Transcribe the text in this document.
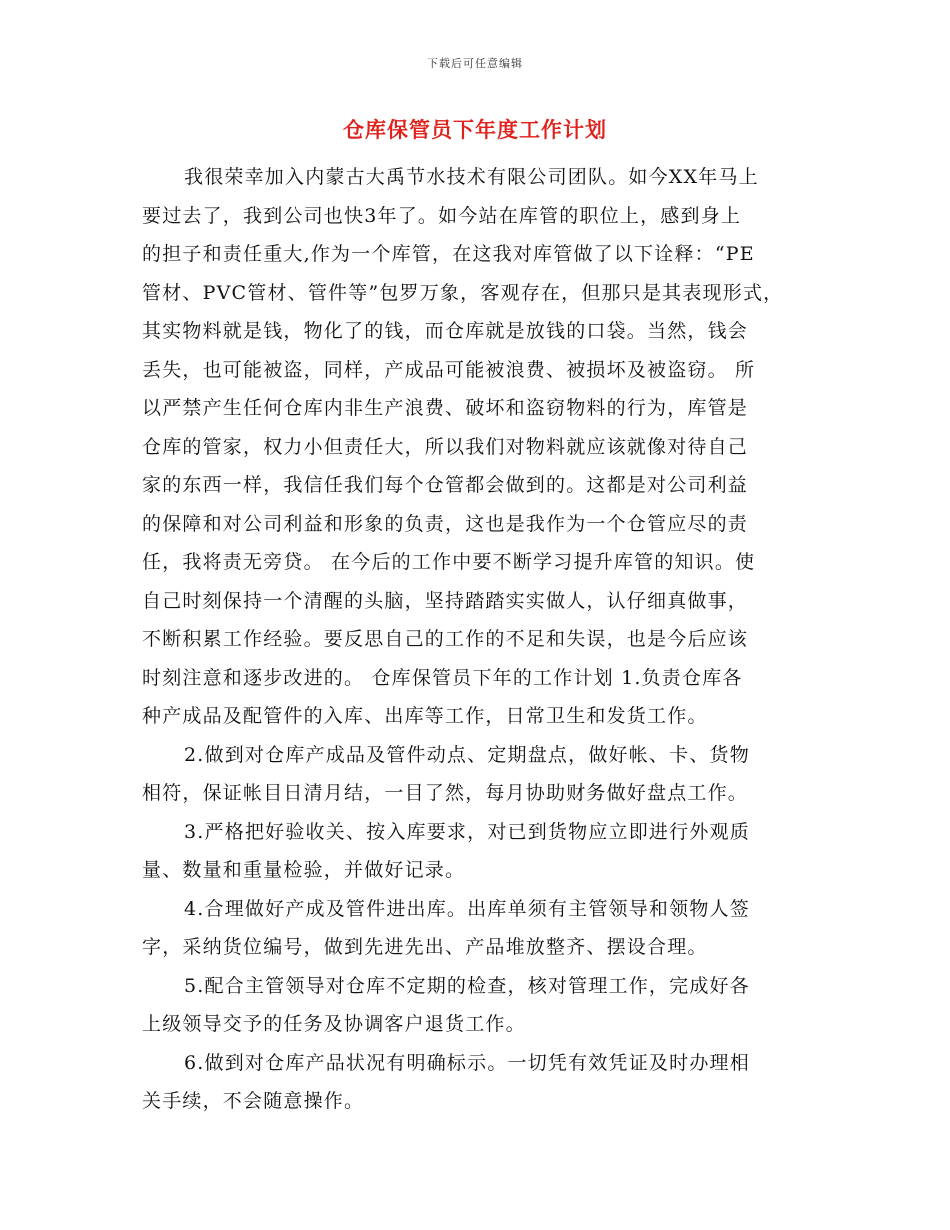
下载后可任意编辑
仓库保管员下年度工作计划
我很荣幸加入内蒙古大禹节水技术有限公司团队。如今XX年马上
要过去了，我到公司也快3年了。如今站在库管的职位上，感到身上
的担子和责任重大,作为一个库管，在这我对库管做了以下诠释：“PE
管材、PVC管材、管件等”包罗万象，客观存在，但那只是其表现形式，
其实物料就是钱，物化了的钱，而仓库就是放钱的口袋。当然，钱会
丢失，也可能被盗，同样，产成品可能被浪费、被损坏及被盗窃。 所
以严禁产生任何仓库内非生产浪费、破坏和盗窃物料的行为，库管是
仓库的管家，权力小但责任大，所以我们对物料就应该就像对待自己
家的东西一样，我信任我们每个仓管都会做到的。这都是对公司利益
的保障和对公司利益和形象的负责，这也是我作为一个仓管应尽的责
任，我将责无旁贷。 在今后的工作中要不断学习提升库管的知识。使
自己时刻保持一个清醒的头脑，坚持踏踏实实做人，认仔细真做事，
不断积累工作经验。要反思自己的工作的不足和失误，也是今后应该
时刻注意和逐步改进的。 仓库保管员下年的工作计划 1.负责仓库各
种产成品及配管件的入库、出库等工作，日常卫生和发货工作。
2.做到对仓库产成品及管件动点、定期盘点，做好帐、卡、货物
相符，保证帐目日清月结，一目了然，每月协助财务做好盘点工作。
3.严格把好验收关、按入库要求，对已到货物应立即进行外观质
量、数量和重量检验，并做好记录。
4.合理做好产成及管件进出库。出库单须有主管领导和领物人签
字，采纳货位编号，做到先进先出、产品堆放整齐、摆设合理。
5.配合主管领导对仓库不定期的检查，核对管理工作，完成好各
上级领导交予的任务及协调客户退货工作。
6.做到对仓库产品状况有明确标示。一切凭有效凭证及时办理相
关手续，不会随意操作。
